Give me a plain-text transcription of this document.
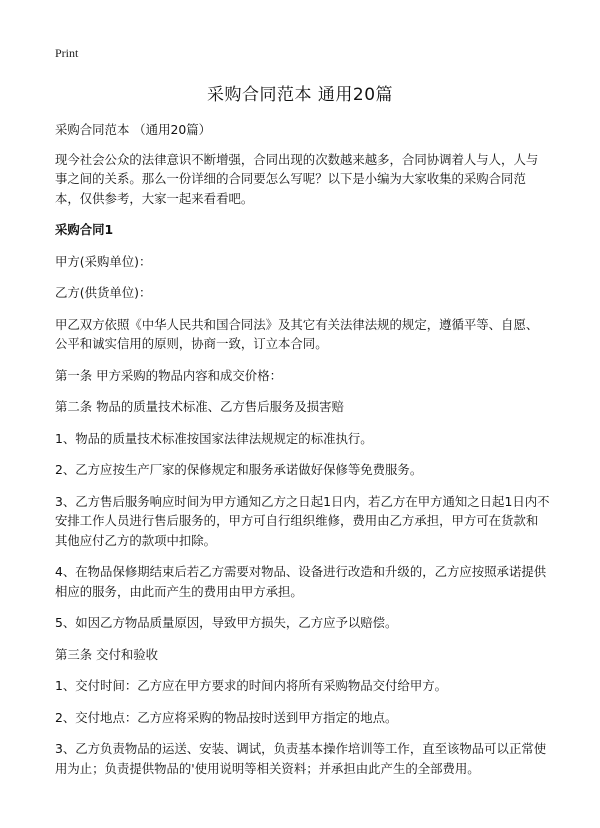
Print
采购合同范本 通用20篇

采购合同范本 （通用20篇）

现今社会公众的法律意识不断增强，合同出现的次数越来越多，合同协调着人与人，人与事之间的关系。那么一份详细的合同要怎么写呢？以下是小编为大家收集的采购合同范本，仅供参考，大家一起来看看吧。

采购合同1

甲方(采购单位)：

乙方(供货单位)：

甲乙双方依照《中华人民共和国合同法》及其它有关法律法规的规定，遵循平等、自愿、公平和诚实信用的原则，协商一致，订立本合同。

第一条 甲方采购的物品内容和成交价格：

第二条 物品的质量技术标准、乙方售后服务及损害赔

1、物品的质量技术标准按国家法律法规规定的标准执行。

2、乙方应按生产厂家的保修规定和服务承诺做好保修等免费服务。

3、乙方售后服务响应时间为甲方通知乙方之日起1日内，若乙方在甲方通知之日起1日内不安排工作人员进行售后服务的，甲方可自行组织维修，费用由乙方承担，甲方可在货款和其他应付乙方的款项中扣除。

4、在物品保修期结束后若乙方需要对物品、设备进行改造和升级的，乙方应按照承诺提供相应的服务，由此而产生的费用由甲方承担。

5、如因乙方物品质量原因，导致甲方损失，乙方应予以赔偿。

第三条 交付和验收

1、交付时间：乙方应在甲方要求的时间内将所有采购物品交付给甲方。

2、交付地点：乙方应将采购的物品按时送到甲方指定的地点。

3、乙方负责物品的运送、安装、调试，负责基本操作培训等工作，直至该物品可以正常使用为止；负责提供物品的'使用说明等相关资料；并承担由此产生的全部费用。
